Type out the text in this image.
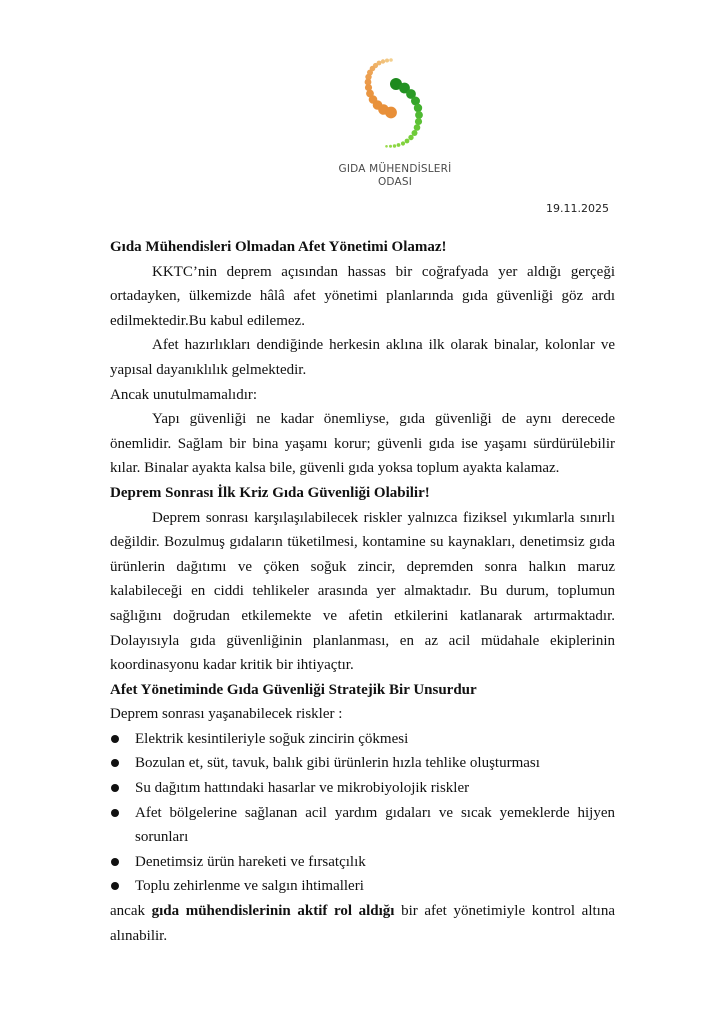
GIDA MÜHENDİSLERİ
ODASI
19.11.2025

Gıda Mühendisleri Olmadan Afet Yönetimi Olamaz!

KKTC’nin deprem açısından hassas bir coğrafyada yer aldığı gerçeği ortadayken, ülkemizde hâlâ afet yönetimi planlarında gıda güvenliği göz ardı edilmektedir.Bu kabul edilemez.

Afet hazırlıkları dendiğinde herkesin aklına ilk olarak binalar, kolonlar ve yapısal dayanıklılık gelmektedir.

Ancak unutulmamalıdır:

Yapı güvenliği ne kadar önemliyse, gıda güvenliği de aynı derecede önemlidir. Sağlam bir bina yaşamı korur; güvenli gıda ise yaşamı sürdürülebilir kılar. Binalar ayakta kalsa bile, güvenli gıda yoksa toplum ayakta kalamaz.

Deprem Sonrası İlk Kriz Gıda Güvenliği Olabilir!

Deprem sonrası karşılaşılabilecek riskler yalnızca fiziksel yıkımlarla sınırlı değildir. Bozulmuş gıdaların tüketilmesi, kontamine su kaynakları, denetimsiz gıda ürünlerin dağıtımı ve çöken soğuk zincir, depremden sonra halkın maruz kalabileceği en ciddi tehlikeler arasında yer almaktadır. Bu durum, toplumun sağlığını doğrudan etkilemekte ve afetin etkilerini katlanarak artırmaktadır. Dolayısıyla gıda güvenliğinin planlanması, en az acil müdahale ekiplerinin koordinasyonu kadar kritik bir ihtiyaçtır.

Afet Yönetiminde Gıda Güvenliği Stratejik Bir Unsurdur

Deprem sonrası yaşanabilecek riskler :

Elektrik kesintileriyle soğuk zincirin çökmesi
Bozulan et, süt, tavuk, balık gibi ürünlerin hızla tehlike oluşturması
Su dağıtım hattındaki hasarlar ve mikrobiyolojik riskler
Afet bölgelerine sağlanan acil yardım gıdaları ve sıcak yemeklerde hijyen sorunları
Denetimsiz ürün hareketi ve fırsatçılık
Toplu zehirlenme ve salgın ihtimalleri

ancak gıda mühendislerinin aktif rol aldığı bir afet yönetimiyle kontrol altına alınabilir.
